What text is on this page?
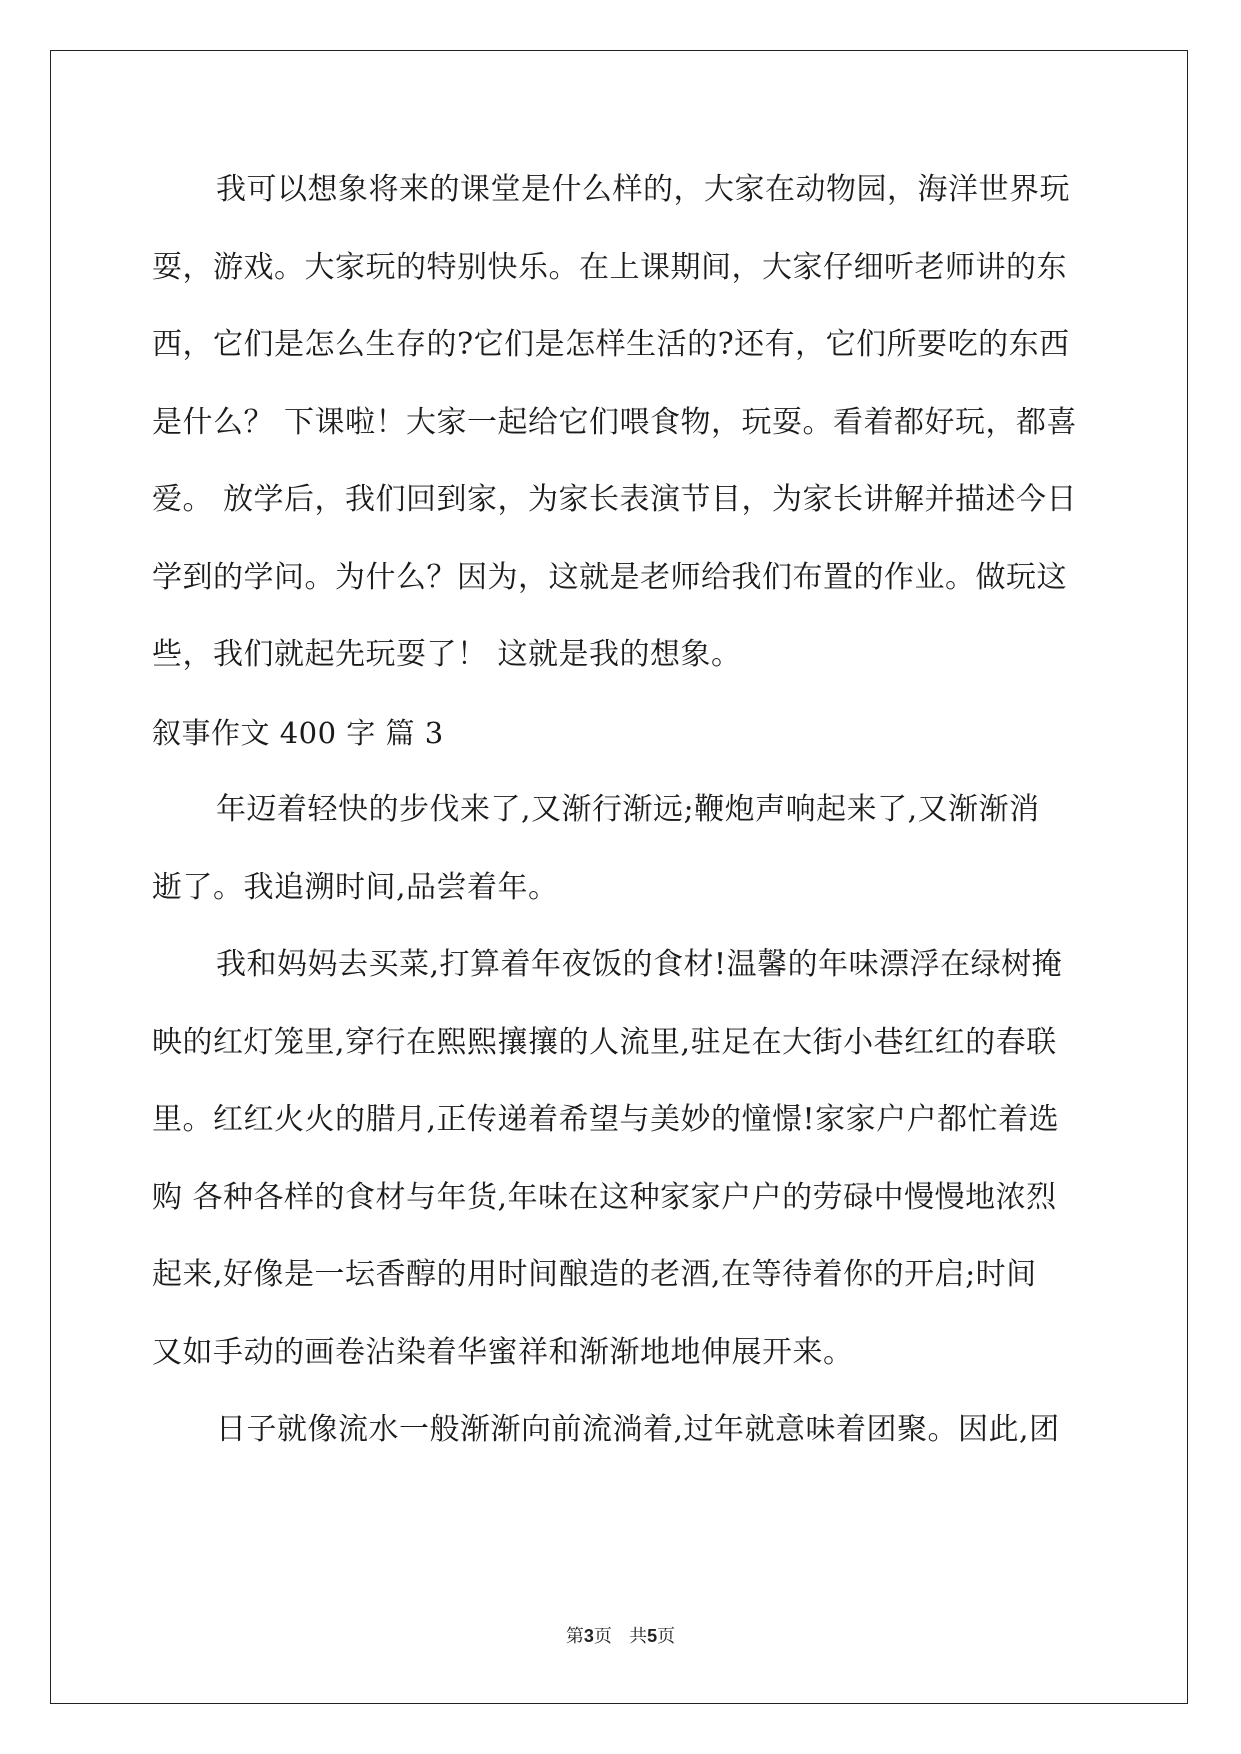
我可以想象将来的课堂是什么样的，大家在动物园，海洋世界玩
耍，游戏。大家玩的特别快乐。在上课期间，大家仔细听老师讲的东
西，它们是怎么生存的?它们是怎样生活的?还有，它们所要吃的东西
是什么？ 下课啦！大家一起给它们喂食物，玩耍。看着都好玩，都喜
爱。 放学后，我们回到家，为家长表演节目，为家长讲解并描述今日
学到的学问。为什么？因为，这就是老师给我们布置的作业。做玩这
些，我们就起先玩耍了！ 这就是我的想象。
叙事作文 400 字 篇 3
年迈着轻快的步伐来了,又渐行渐远;鞭炮声响起来了,又渐渐消
逝了。我追溯时间,品尝着年。
我和妈妈去买菜,打算着年夜饭的食材!温馨的年味漂浮在绿树掩
映的红灯笼里,穿行在熙熙攘攘的人流里,驻足在大街小巷红红的春联
里。红红火火的腊月,正传递着希望与美妙的憧憬!家家户户都忙着选
购 各种各样的食材与年货,年味在这种家家户户的劳碌中慢慢地浓烈
起来,好像是一坛香醇的用时间酿造的老酒,在等待着你的开启;时间
又如手动的画卷沾染着华蜜祥和渐渐地地伸展开来。
日子就像流水一般渐渐向前流淌着,过年就意味着团聚。因此,团
第3页 共5页
